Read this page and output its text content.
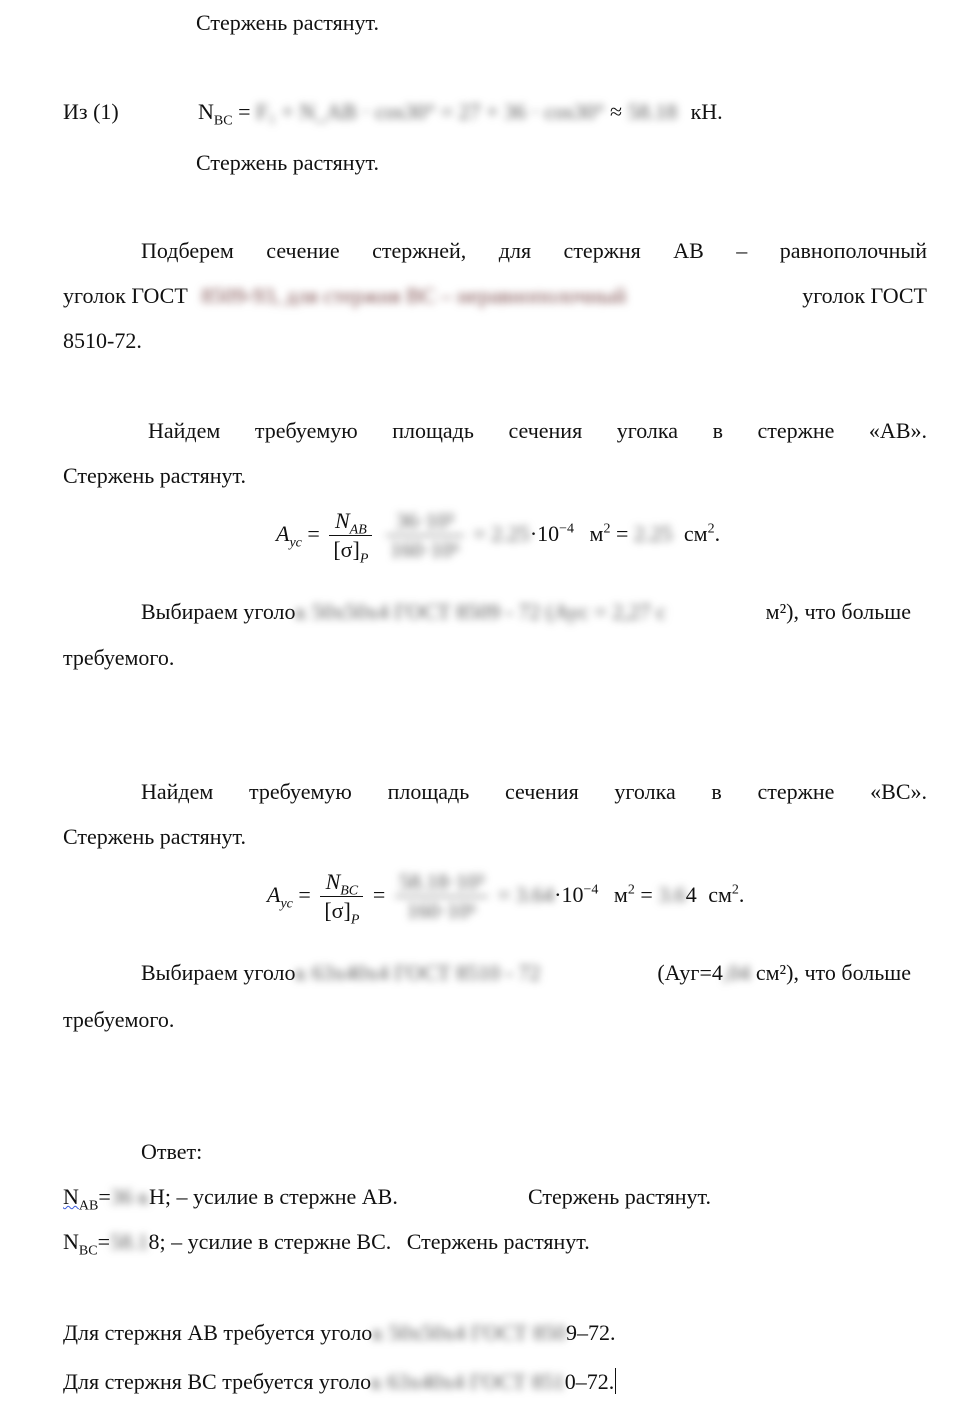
Стержень растянут.
Из (1)	$N_{BC} = F_1$ + N_AB · cos30° = 27 + 36 · cos30° ≈ 58.18 кН.
Стержень растянут.
Подберем сечение стержней, для стержня АВ – равнополочный
уголок ГОСТ 8509-93, для стержня ВС – неравнополочный	уголок ГОСТ
8510-72.
Найдем требуемую площадь сечения уголка в стержне «АВ».
Стержень растянут.
$A_{ус} = \frac{N_{AB}}{[\sigma]_P}$
$\frac{\text{36·10³}}{\text{160·10⁶}} = 2.25\cdot 10^{-4}$ $м^2 = 2.25$ $см^2$.
Выбираем уголок 50х50х4 ГОСТ 8509 - 72 (Аус = 2,27 с	м²), что больше
требуемого.
Найдем требуемую площадь сечения уголка в стержне «ВС».
Стержень растянут.
$A_{ус} = \frac{N_{BC}}{[\sigma]_P} = \frac{\text{58.18·10³}}{\text{160·10⁶}} = 3.64\cdot 10^{-4}$ $м^2 = 3.64$ $см^2$.
Выбираем уголок 63х40х4 ГОСТ 8510 - 72	(Ауг=4,04 см²), что больше
требуемого.
Ответ:
$N_{AB}=36$ кН; – усилие в стержне АВ.	Стержень растянут.
$N_{BC}=58.18$; – усилие в стержне ВС. Стержень растянут.
Для стержня АВ требуется уголок 50х50х4 ГОСТ 8509–72.
Для стержня ВС требуется уголок 63х40х4 ГОСТ 8510–72.
